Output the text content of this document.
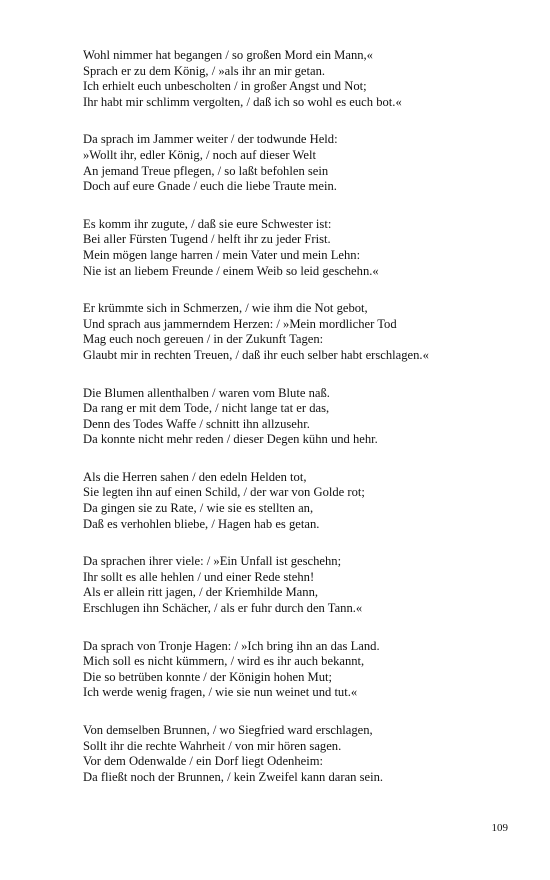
Wohl nimmer hat begangen / so großen Mord ein Mann,«
Sprach er zu dem König, / »als ihr an mir getan.
Ich erhielt euch unbescholten / in großer Angst und Not;
Ihr habt mir schlimm vergolten, / daß ich so wohl es euch bot.«
Da sprach im Jammer weiter / der todwunde Held:
»Wollt ihr, edler König, / noch auf dieser Welt
An jemand Treue pflegen, / so laßt befohlen sein
Doch auf eure Gnade / euch die liebe Traute mein.
Es komm ihr zugute, / daß sie eure Schwester ist:
Bei aller Fürsten Tugend / helft ihr zu jeder Frist.
Mein mögen lange harren / mein Vater und mein Lehn:
Nie ist an liebem Freunde / einem Weib so leid geschehn.«
Er krümmte sich in Schmerzen, / wie ihm die Not gebot,
Und sprach aus jammerndem Herzen: / »Mein mordlicher Tod
Mag euch noch gereuen / in der Zukunft Tagen:
Glaubt mir in rechten Treuen, / daß ihr euch selber habt erschlagen.«
Die Blumen allenthalben / waren vom Blute naß.
Da rang er mit dem Tode, / nicht lange tat er das,
Denn des Todes Waffe / schnitt ihn allzusehr.
Da konnte nicht mehr reden / dieser Degen kühn und hehr.
Als die Herren sahen / den edeln Helden tot,
Sie legten ihn auf einen Schild, / der war von Golde rot;
Da gingen sie zu Rate, / wie sie es stellten an,
Daß es verhohlen bliebe, / Hagen hab es getan.
Da sprachen ihrer viele: / »Ein Unfall ist geschehn;
Ihr sollt es alle hehlen / und einer Rede stehn!
Als er allein ritt jagen, / der Kriemhilde Mann,
Erschlugen ihn Schächer, / als er fuhr durch den Tann.«
Da sprach von Tronje Hagen: / »Ich bring ihn an das Land.
Mich soll es nicht kümmern, / wird es ihr auch bekannt,
Die so betrüben konnte / der Königin hohen Mut;
Ich werde wenig fragen, / wie sie nun weinet und tut.«
Von demselben Brunnen, / wo Siegfried ward erschlagen,
Sollt ihr die rechte Wahrheit / von mir hören sagen.
Vor dem Odenwalde / ein Dorf liegt Odenheim:
Da fließt noch der Brunnen, / kein Zweifel kann daran sein.
109
